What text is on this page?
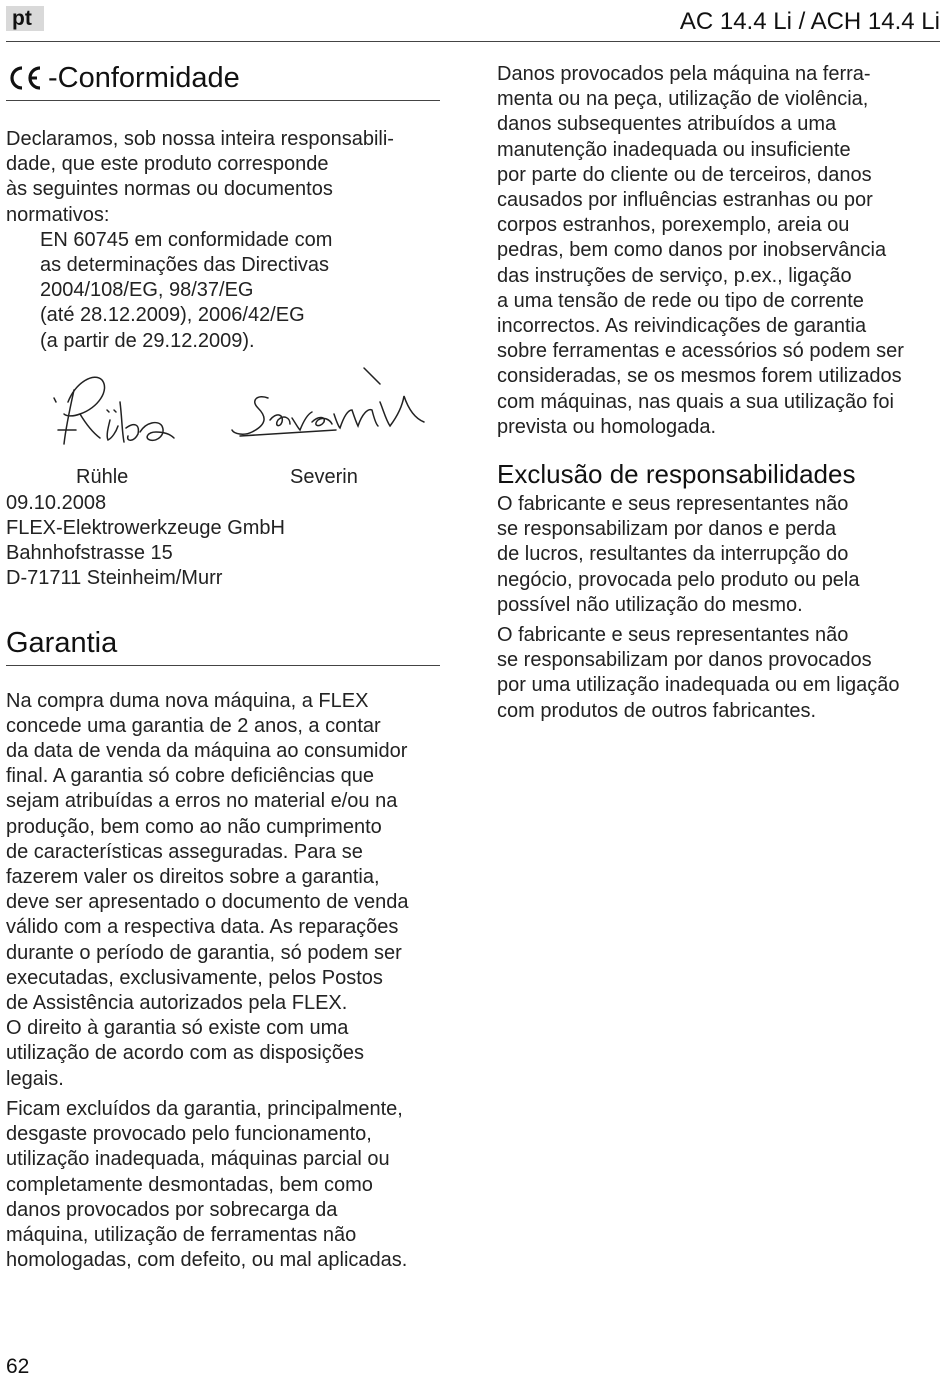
pt	AC 14.4 Li / ACH 14.4 Li
-Conformidade

Declaramos, sob nossa inteira responsabili-

dade, que este produto corresponde

às seguintes normas ou documentos

normativos:

EN 60745 em conformidade com

as determinações das Directivas

2004/108/EG, 98/37/EG

(até 28.12.2009), 2006/42/EG

(a partir de 29.12.2009).

Rühle	Severin

09.10.2008

FLEX-Elektrowerkzeuge GmbH

Bahnhofstrasse 15

D-71711 Steinheim/Murr

Garantia

Na compra duma nova máquina, a FLEX

concede uma garantia de 2 anos, a contar

da data de venda da máquina ao consumidor

final. A garantia só cobre deficiências que

sejam atribuídas a erros no material e/ou na

produção, bem como ao não cumprimento

de características asseguradas. Para se

fazerem valer os direitos sobre a garantia,

deve ser apresentado o documento de venda

válido com a respectiva data. As reparações

durante o período de garantia, só podem ser

executadas, exclusivamente, pelos Postos

de Assistência autorizados pela FLEX.

O direito à garantia só existe com uma

utilização de acordo com as disposições

legais.

Ficam excluídos da garantia, principalmente,

desgaste provocado pelo funcionamento,

utilização inadequada, máquinas parcial ou

completamente desmontadas, bem como

danos provocados por sobrecarga da

máquina, utilização de ferramentas não

homologadas, com defeito, ou mal aplicadas.

Danos provocados pela máquina na ferra-

menta ou na peça, utilização de violência,

danos subsequentes atribuídos a uma

manutenção inadequada ou insuficiente

por parte do cliente ou de terceiros, danos

causados por influências estranhas ou por

corpos estranhos, porexemplo, areia ou

pedras, bem como danos por inobservância

das instruções de serviço, p.ex., ligação

a uma tensão de rede ou tipo de corrente

incorrectos. As reivindicações de garantia

sobre ferramentas e acessórios só podem ser

consideradas, se os mesmos forem utilizados

com máquinas, nas quais a sua utilização foi

prevista ou homologada.

Exclusão de responsabilidades

O fabricante e seus representantes não

se responsabilizam por danos e perda

de lucros, resultantes da interrupção do

negócio, provocada pelo produto ou pela

possível não utilização do mesmo.

O fabricante e seus representantes não

se responsabilizam por danos provocados

por uma utilização inadequada ou em ligação

com produtos de outros fabricantes.

62
